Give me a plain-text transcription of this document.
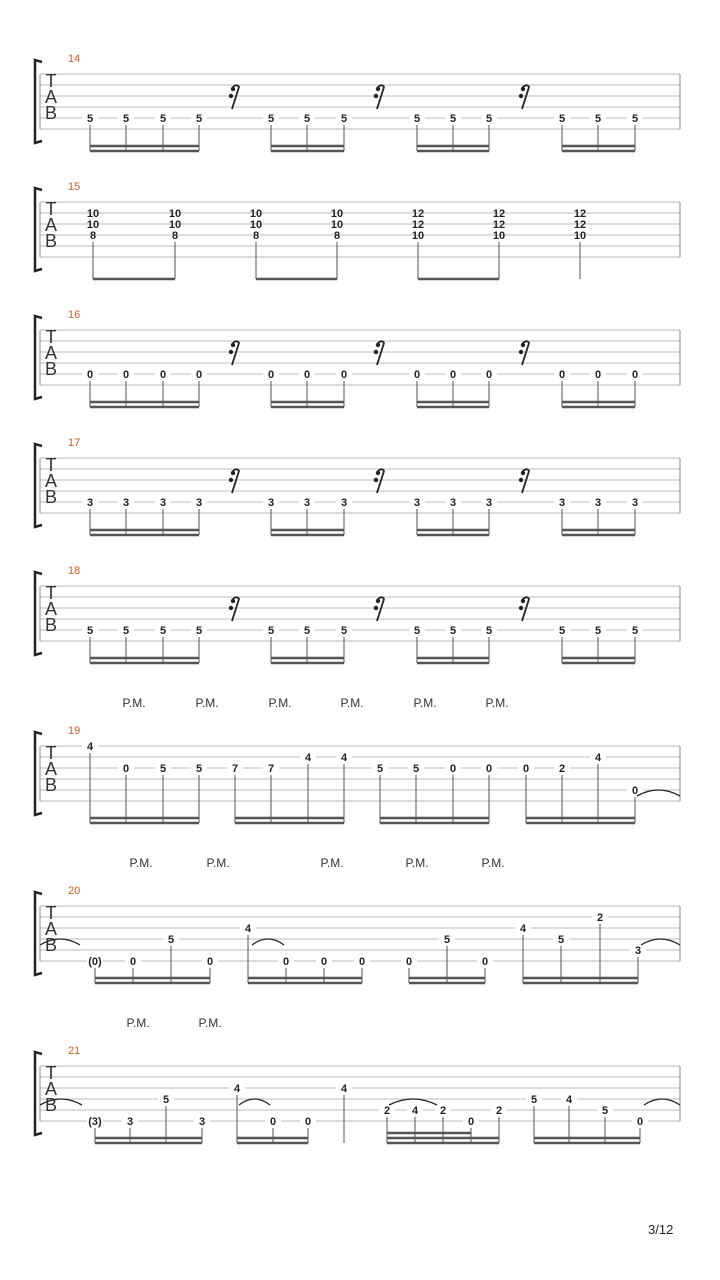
T
A
B
14
5	5	5	5	5	5	5	5	5	5	5	5	5
T
A
B
15
10
10
8
10
10
8
10
10
8
10
10
8
12
12
10
12
12
10
12
12
10
T
A
B
16
0	0	0	0	0	0	0	0	0	0	0	0	0
T
A
B
17
3	3	3	3	3	3	3	3	3	3	3	3	3
T
A
B
18
5	5	5	5	5	5	5	5	5	5	5	5	5
T
A
B
19
P.M.	P.M.	P.M.	P.M.	P.M.	P.M.
4
0	5	5	7	7
4	4
5	5	0	0	0	2
4
0
T
A
B
20
P.M.	P.M.	P.M.	P.M.	P.M.
(0)	0
5
0
4
0	0	0	0
5
0
4
5
2
3
T
A
B
21
P.M.	P.M.
(3) 3
5
3
4
0	0
4
2 4 2
0
2
5	4
5
0
3/12
